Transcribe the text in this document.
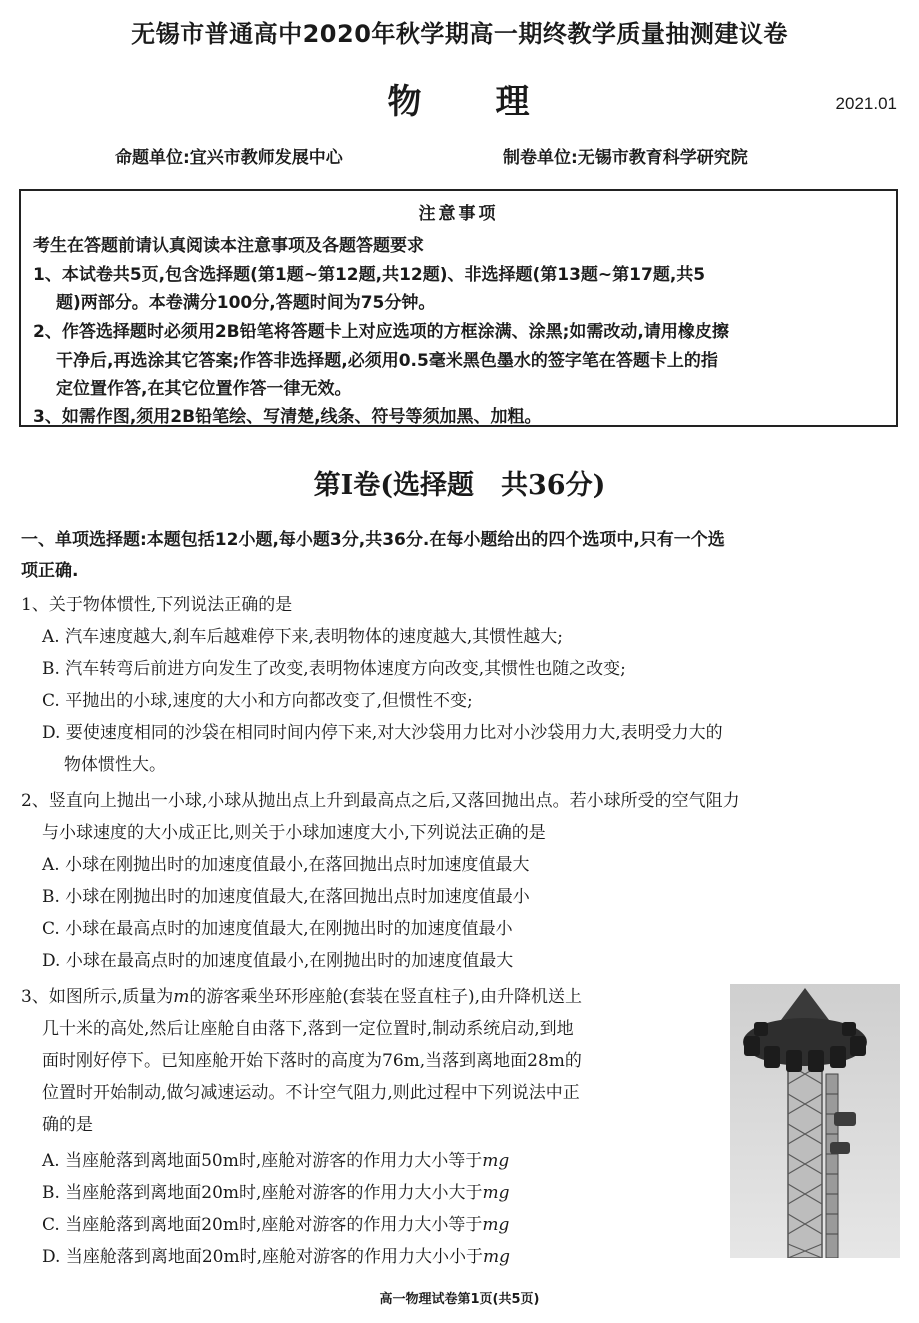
无锡市普通高中2020年秋学期高一期终教学质量抽测建议卷
物 理	2021.01
命题单位:宜兴市教师发展中心	制卷单位:无锡市教育科学研究院
注意事项
考生在答题前请认真阅读本注意事项及各题答题要求
1、本试卷共5页,包含选择题(第1题~第12题,共12题)、非选择题(第13题~第17题,共5
题)两部分。本卷满分100分,答题时间为75分钟。
2、作答选择题时必须用2B铅笔将答题卡上对应选项的方框涂满、涂黑;如需改动,请用橡皮擦
干净后,再选涂其它答案;作答非选择题,必须用0.5毫米黑色墨水的签字笔在答题卡上的指
定位置作答,在其它位置作答一律无效。
3、如需作图,须用2B铅笔绘、写清楚,线条、符号等须加黑、加粗。
第Ⅰ卷(选择题　共36分)
一、单项选择题:本题包括12小题,每小题3分,共36分.在每小题给出的四个选项中,只有一个选
项正确.
1、关于物体惯性,下列说法正确的是
A. 汽车速度越大,刹车后越难停下来,表明物体的速度越大,其惯性越大;
B. 汽车转弯后前进方向发生了改变,表明物体速度方向改变,其惯性也随之改变;
C. 平抛出的小球,速度的大小和方向都改变了,但惯性不变;
D. 要使速度相同的沙袋在相同时间内停下来,对大沙袋用力比对小沙袋用力大,表明受力大的
物体惯性大。
2、竖直向上抛出一小球,小球从抛出点上升到最高点之后,又落回抛出点。若小球所受的空气阻力
与小球速度的大小成正比,则关于小球加速度大小,下列说法正确的是
A. 小球在刚抛出时的加速度值最小,在落回抛出点时加速度值最大
B. 小球在刚抛出时的加速度值最大,在落回抛出点时加速度值最小
C. 小球在最高点时的加速度值最大,在刚抛出时的加速度值最小
D. 小球在最高点时的加速度值最小,在刚抛出时的加速度值最大
3、如图所示,质量为m的游客乘坐环形座舱(套装在竖直柱子),由升降机送上
几十米的高处,然后让座舱自由落下,落到一定位置时,制动系统启动,到地
面时刚好停下。已知座舱开始下落时的高度为76m,当落到离地面28m的
位置时开始制动,做匀减速运动。不计空气阻力,则此过程中下列说法中正
确的是
A. 当座舱落到离地面50m时,座舱对游客的作用力大小等于mg
B. 当座舱落到离地面20m时,座舱对游客的作用力大小大于mg
C. 当座舱落到离地面20m时,座舱对游客的作用力大小等于mg
D. 当座舱落到离地面20m时,座舱对游客的作用力大小小于mg
高一物理试卷第1页(共5页)
